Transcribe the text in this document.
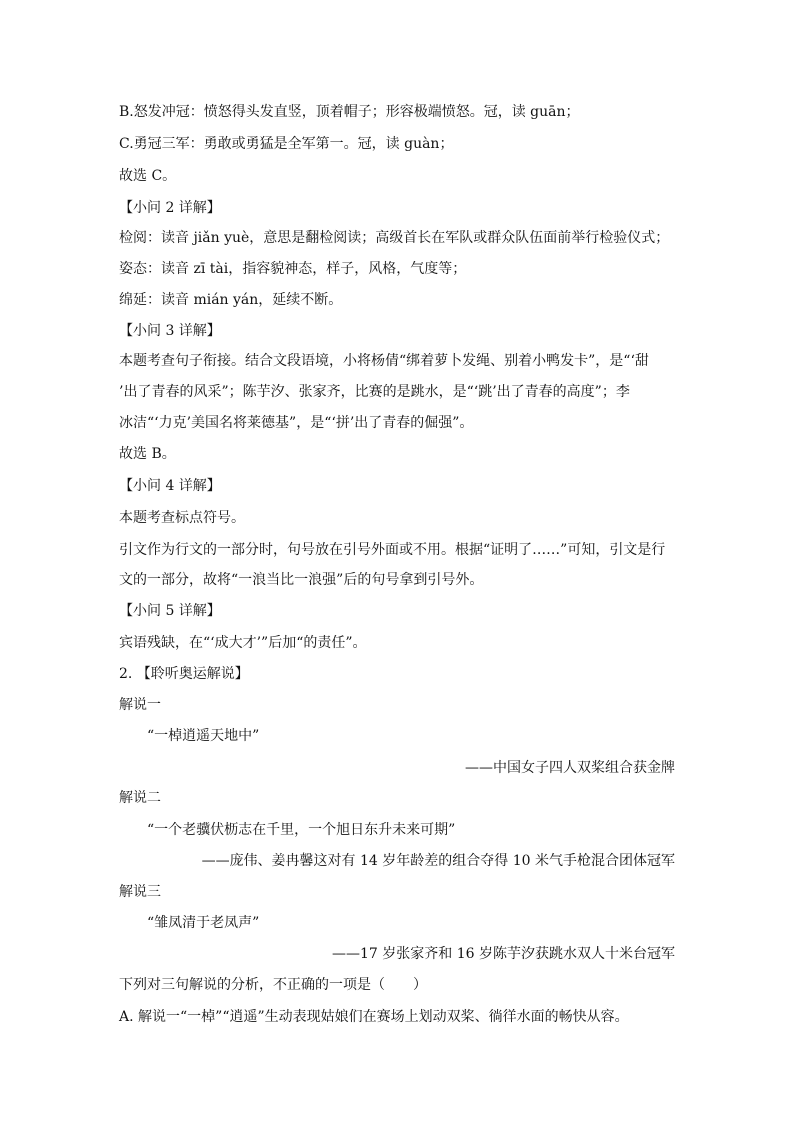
B.怒发冲冠：愤怒得头发直竖，顶着帽子；形容极端愤怒。冠，读 guān；
C.勇冠三军：勇敢或勇猛是全军第一。冠，读 guàn；
故选 C。
【小问 2 详解】
检阅：读音 jiǎn yuè，意思是翻检阅读；高级首长在军队或群众队伍面前举行检验仪式；
姿态：读音 zī tài，指容貌神态，样子，风格，气度等；
绵延：读音 mián yán，延续不断。
【小问 3 详解】
本题考查句子衔接。结合文段语境，小将杨倩“绑着萝卜发绳、别着小鸭发卡”，是“‘甜
’出了青春的风采”；陈芋汐、张家齐，比赛的是跳水，是“‘跳’出了青春的高度”；李
冰洁“‘力克’美国名将莱德基”，是“‘拼’出了青春的倔强”。
故选 B。
【小问 4 详解】
本题考查标点符号。
引文作为行文的一部分时，句号放在引号外面或不用。根据“证明了……”可知，引文是行
文的一部分，故将“一浪当比一浪强”后的句号拿到引号外。
【小问 5 详解】
宾语残缺，在“‘成大才’”后加“的责任”。
2. 【聆听奥运解说】
解说一
“一棹逍遥天地中”
——中国女子四人双桨组合获金牌
解说二
“一个老骥伏枥志在千里，一个旭日东升未来可期”
——庞伟、姜冉馨这对有 14 岁年龄差的组合夺得 10 米气手枪混合团体冠军
解说三
“雏凤清于老凤声”
——17 岁张家齐和 16 岁陈芋汐获跳水双人十米台冠军
下列对三句解说的分析，不正确的一项是（　　）
A. 解说一“一棹”“逍遥”生动表现姑娘们在赛场上划动双桨、徜徉水面的畅快从容。
